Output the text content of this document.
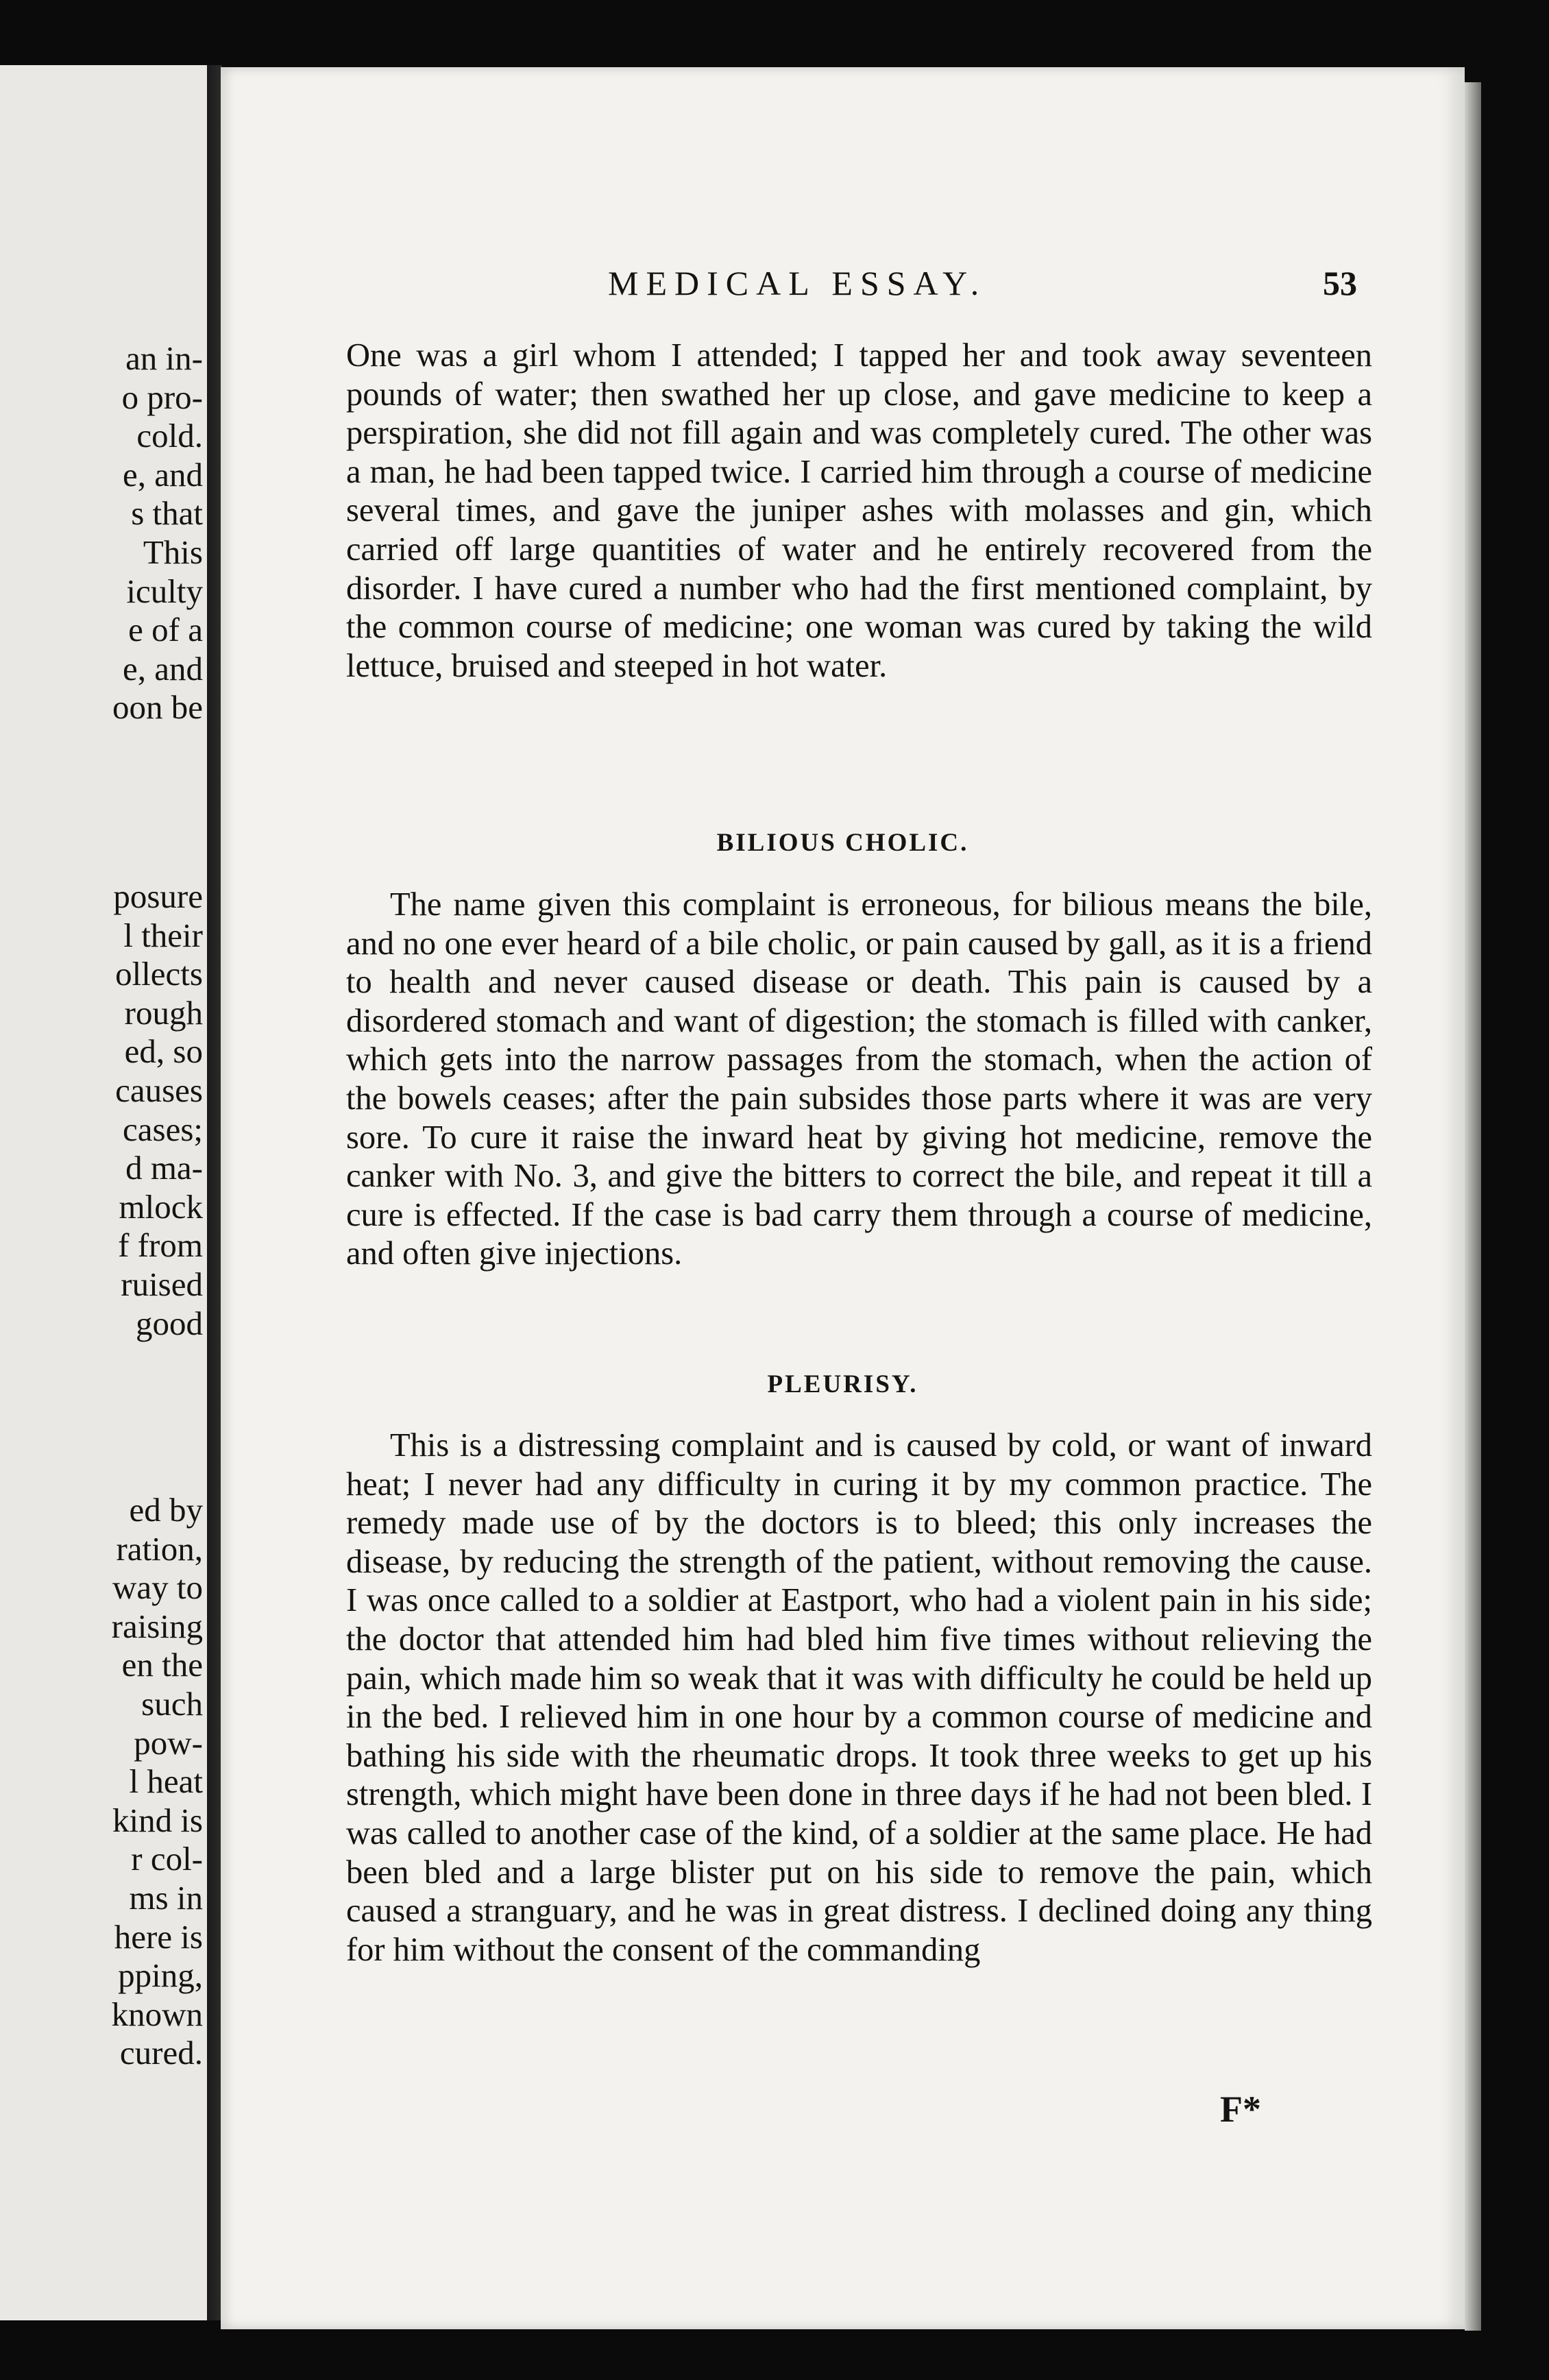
an in-
o pro-
cold.
e, and
s that
This
iculty
e of a
e, and
oon be
posure
l their
ollects
rough
ed, so
causes
cases;
d ma-
mlock
f from
ruised
good
ed by
ration,
way to
raising
en the
such
pow-
l heat
kind is
r col-
ms in
here is
pping,
known
cured.
MEDICAL ESSAY.	53

One was a girl whom I attended; I tapped her and took away seventeen pounds of water; then swathed her up close, and gave medicine to keep a perspiration, she did not fill again and was completely cured. The other was a man, he had been tapped twice. I carried him through a course of medicine several times, and gave the juniper ashes with molasses and gin, which carried off large quantities of water and he entirely recovered from the disorder. I have cured a number who had the first mentioned complaint, by the common course of medicine; one woman was cured by taking the wild lettuce, bruised and steeped in hot water.

BILIOUS CHOLIC.

The name given this complaint is erroneous, for bilious means the bile, and no one ever heard of a bile cholic, or pain caused by gall, as it is a friend to health and never caused disease or death. This pain is caused by a disordered stomach and want of digestion; the stomach is filled with canker, which gets into the narrow passages from the stomach, when the action of the bowels ceases; after the pain subsides those parts where it was are very sore. To cure it raise the inward heat by giving hot medicine, remove the canker with No. 3, and give the bitters to correct the bile, and repeat it till a cure is effected. If the case is bad carry them through a course of medicine, and often give injections.

PLEURISY.

This is a distressing complaint and is caused by cold, or want of inward heat; I never had any difficulty in curing it by my common practice. The remedy made use of by the doctors is to bleed; this only increases the disease, by reducing the strength of the patient, without removing the cause. I was once called to a soldier at Eastport, who had a violent pain in his side; the doctor that attended him had bled him five times without relieving the pain, which made him so weak that it was with difficulty he could be held up in the bed. I relieved him in one hour by a common course of medicine and bathing his side with the rheumatic drops. It took three weeks to get up his strength, which might have been done in three days if he had not been bled. I was called to another case of the kind, of a soldier at the same place. He had been bled and a large blister put on his side to remove the pain, which caused a stranguary, and he was in great distress. I declined doing any thing for him without the consent of the commanding

F*
